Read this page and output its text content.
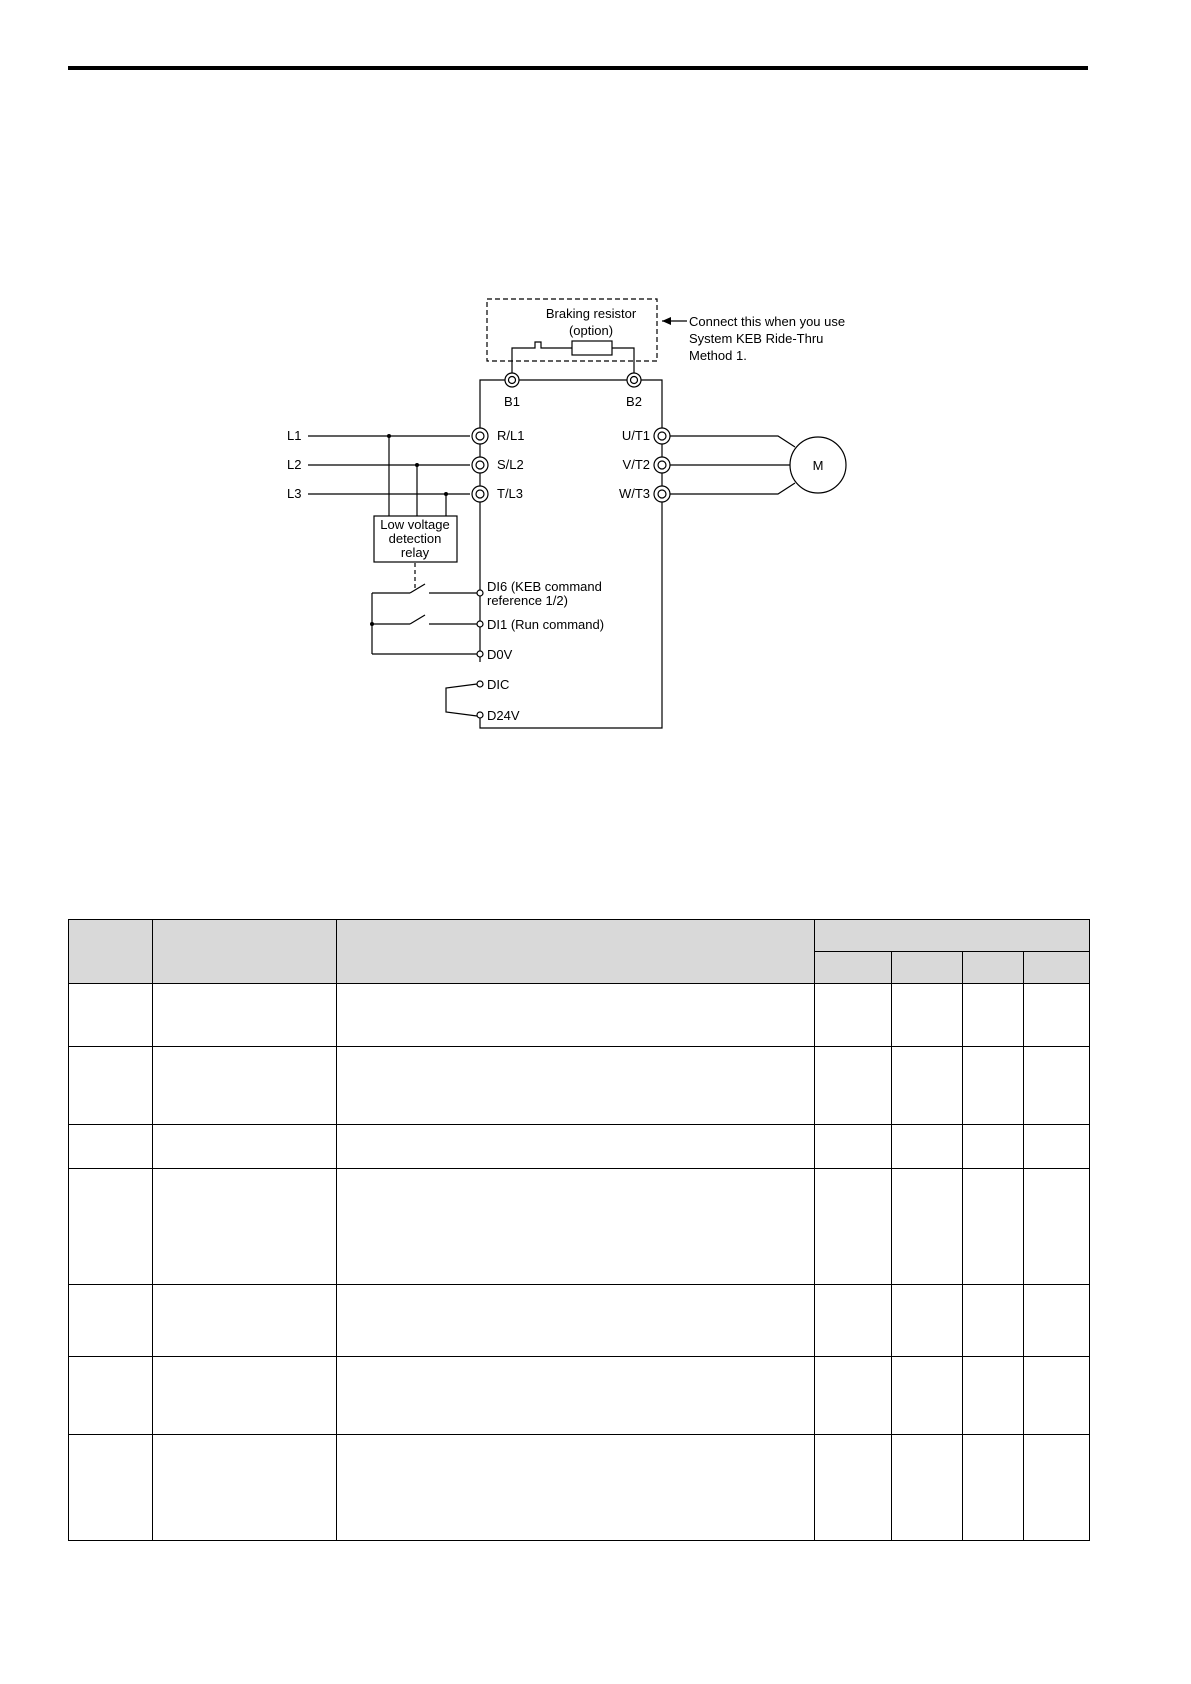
Braking resistor
(option)
Connect this when you use
System KEB Ride-Thru
Method 1.
B1	B2
L1
L2
L3
R/L1
S/L2
T/L3
U/T1
V/T2
W/T3
M
Low voltage
detection
relay
DI6 (KEB command
reference 1/2)
DI1 (Run command)
D0V
DIC
D24V
